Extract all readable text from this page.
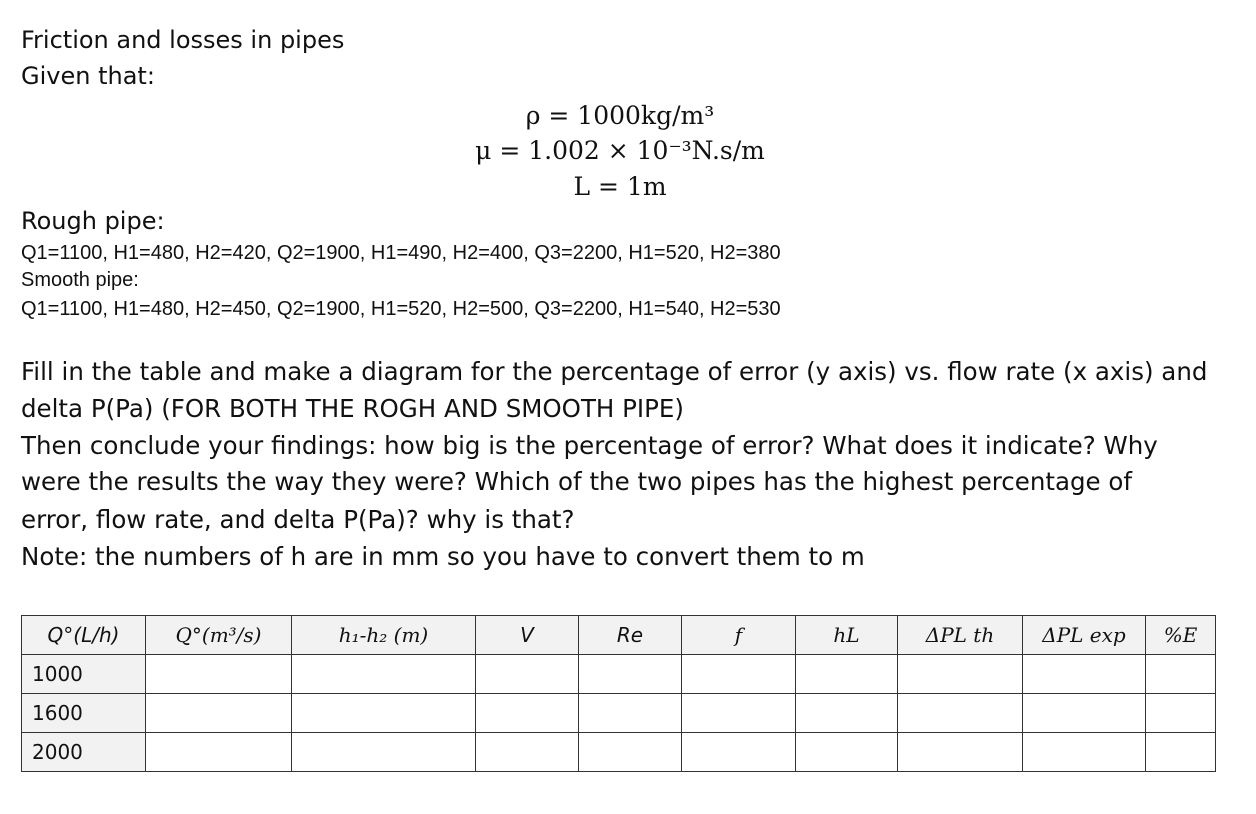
Friction and losses in pipes
Given that:
ρ = 1000kg/m³
μ = 1.002 × 10⁻³N.s/m
L = 1m
Rough pipe:
Q1=1100, H1=480, H2=420, Q2=1900, H1=490, H2=400, Q3=2200, H1=520, H2=380
Smooth pipe:
Q1=1100, H1=480, H2=450, Q2=1900, H1=520, H2=500, Q3=2200, H1=540, H2=530
Fill in the table and make a diagram for the percentage of error (y axis) vs. flow rate (x axis) and
delta P(Pa) (FOR BOTH THE ROGH AND SMOOTH PIPE)
Then conclude your findings: how big is the percentage of error? What does it indicate? Why
were the results the way they were? Which of the two pipes has the highest percentage of
error, flow rate, and delta P(Pa)? why is that?
Note: the numbers of h are in mm so you have to convert them to m
Q°(L/h)	Q°(m³/s)	h₁-h₂ (m)	V	Re	f	hL	ΔPL th	ΔPL exp	%E
1000									
1600									
2000									
